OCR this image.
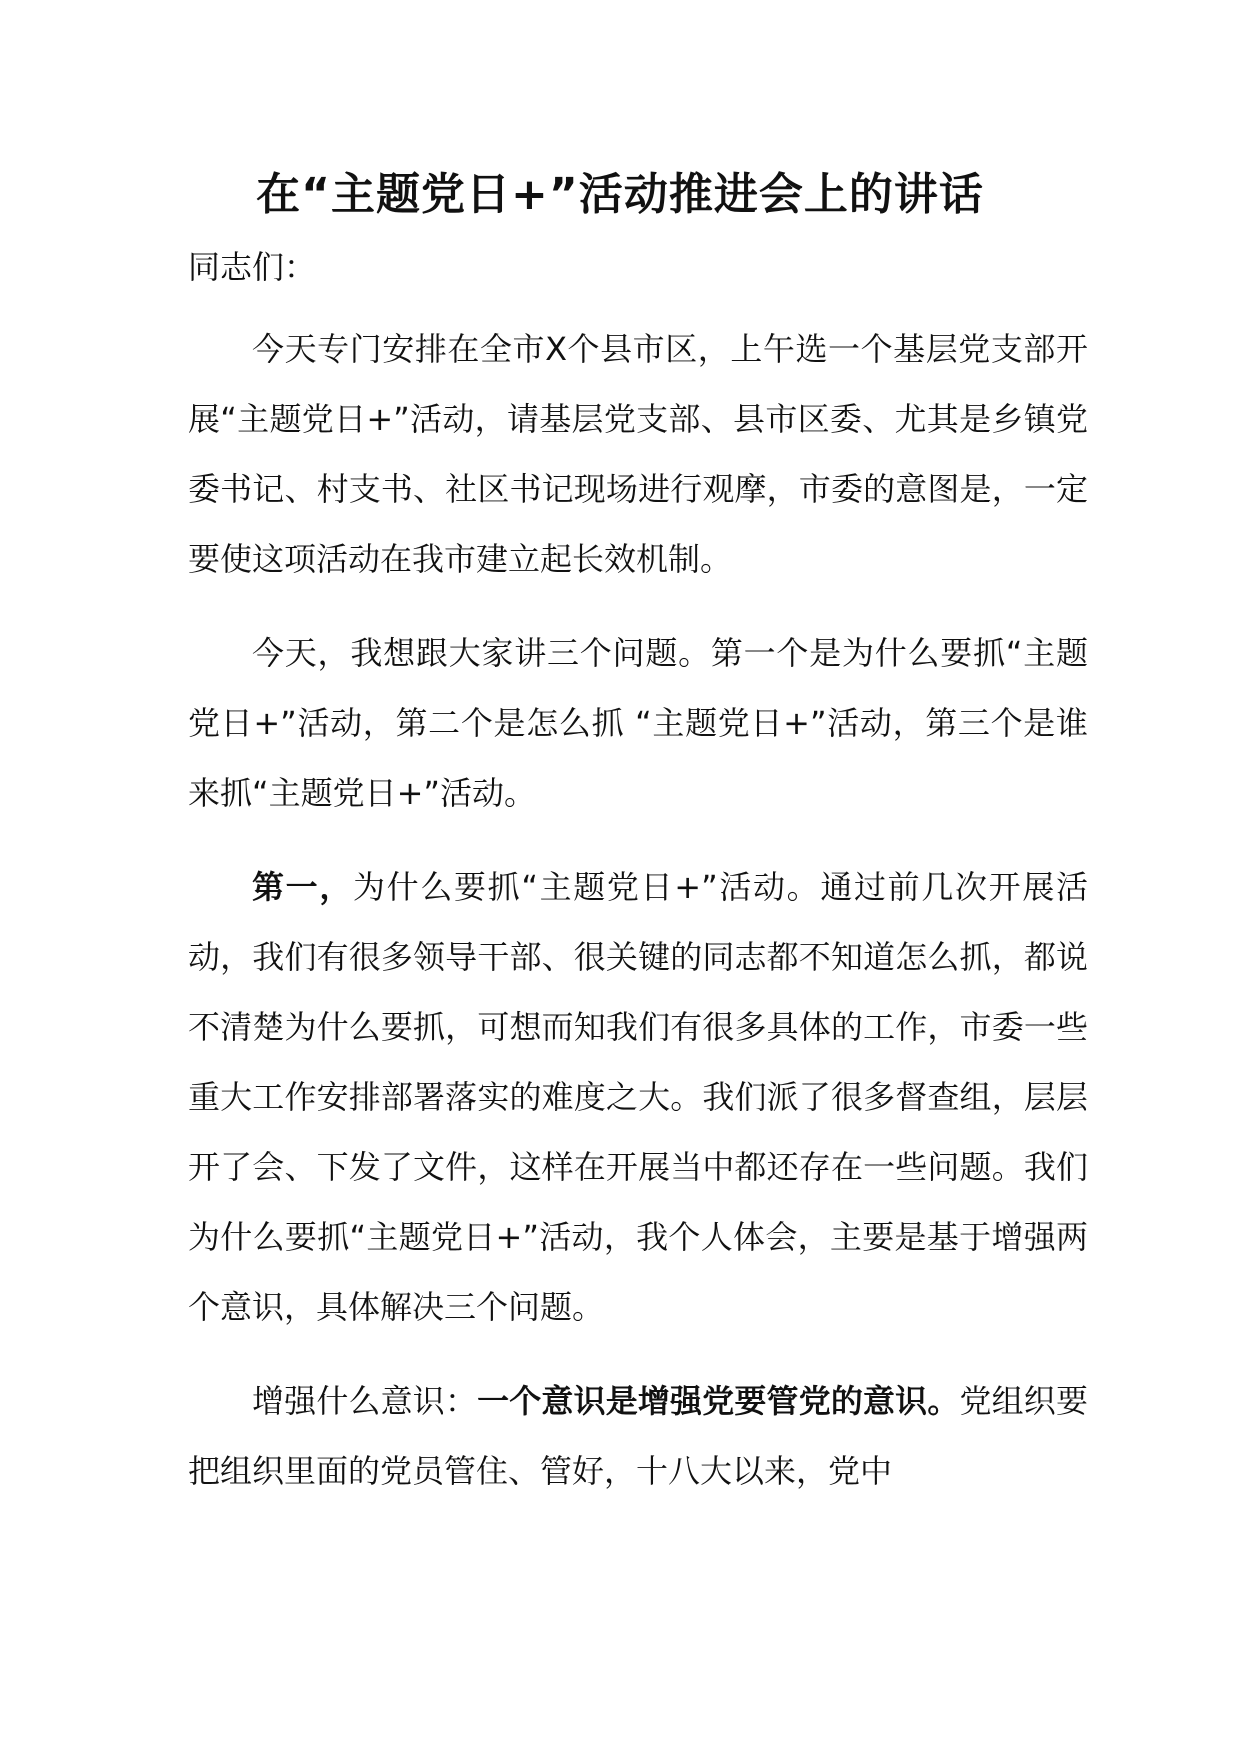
在“主题党日+”活动推进会上的讲话

同志们：

今天专门安排在全市X个县市区，上午选一个基层党支部开展“主题党日+”活动，请基层党支部、县市区委、尤其是乡镇党委书记、村支书、社区书记现场进行观摩，市委的意图是，一定要使这项活动在我市建立起长效机制。

今天，我想跟大家讲三个问题。第一个是为什么要抓“主题党日+”活动，第二个是怎么抓 “主题党日+”活动，第三个是谁来抓“主题党日+”活动。

第一，为什么要抓“主题党日+”活动。通过前几次开展活动，我们有很多领导干部、很关键的同志都不知道怎么抓，都说不清楚为什么要抓，可想而知我们有很多具体的工作，市委一些重大工作安排部署落实的难度之大。我们派了很多督查组，层层开了会、下发了文件，这样在开展当中都还存在一些问题。我们为什么要抓“主题党日+”活动，我个人体会，主要是基于增强两个意识，具体解决三个问题。

增强什么意识：一个意识是增强党要管党的意识。党组织要把组织里面的党员管住、管好，十八大以来，党中
